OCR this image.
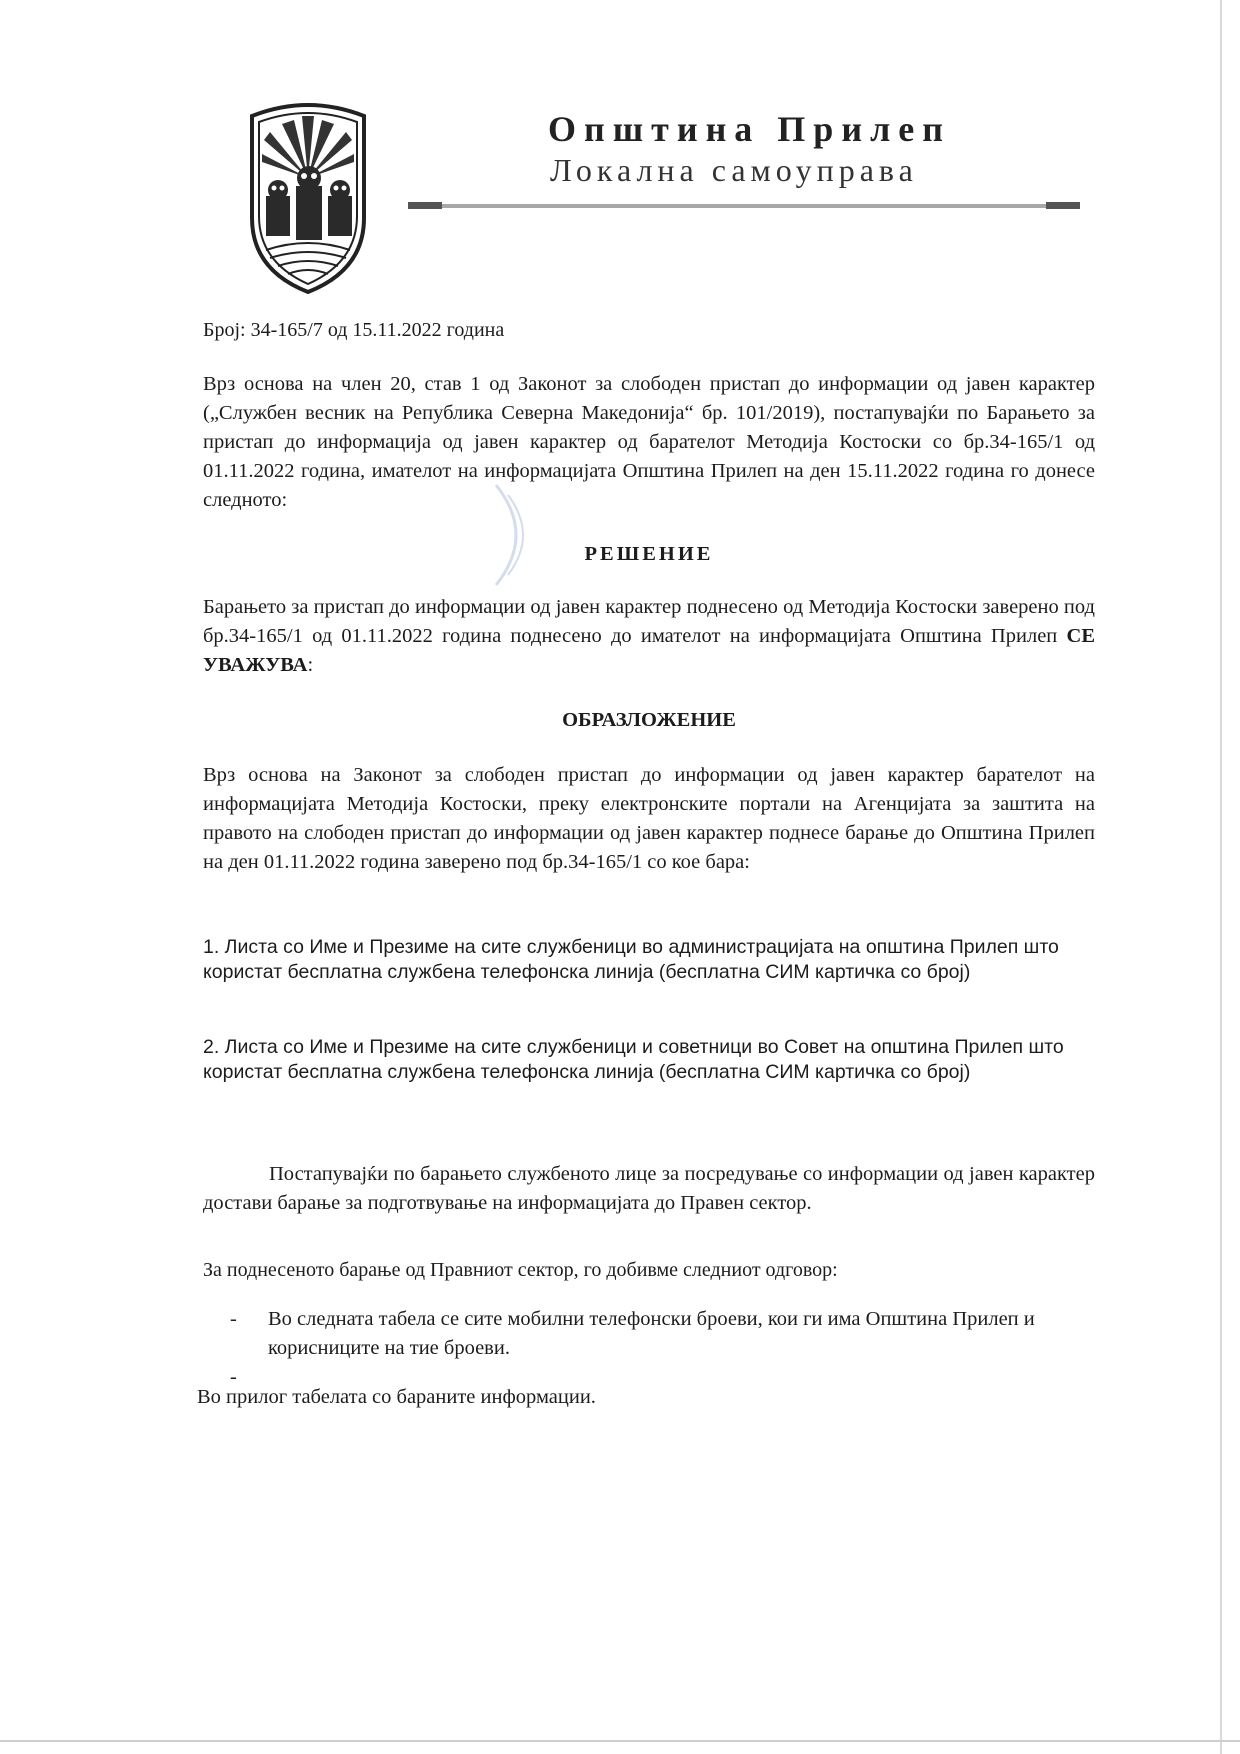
Општина Прилеп
Локална самоуправа
Број: 34-165/7 од 15.11.2022 година

Врз основа на член 20, став 1 од Законот за слободен пристап до информации од јавен карактер („Службен весник на Република Северна Македонија“ бр. 101/2019), постапувајќи по Барањето за пристап до информација од јавен карактер од барателот Методија Костоски со бр.34-165/1 од 01.11.2022 година, имателот на информацијата Општина Прилеп на ден 15.11.2022 година го донесе следното:

РЕШЕНИЕ

Барањето за пристап до информации од јавен карактер поднесено од Методија Костоски заверено под бр.34-165/1 од 01.11.2022 година поднесено до имателот на информацијата Општина Прилеп СЕ УВАЖУВА:

ОБРАЗЛОЖЕНИЕ

Врз основа на Законот за слободен пристап до информации од јавен карактер барателот на информацијата Методија Костоски, преку електронските портали на Агенцијата за заштита на правото на слободен пристап до информации од јавен карактер поднесе барање до Општина Прилеп на ден 01.11.2022 година заверено под бр.34-165/1 со кое бара:

1. Листа со Име и Презиме на сите службеници во администрацијата на општина Прилеп што користат бесплатна службена телефонска линија (бесплатна СИМ картичка со број)
2. Листа со Име и Презиме на сите службеници и советници во Совет на општина Прилеп што користат бесплатна службена телефонска линија (бесплатна СИМ картичка со број)

Постапувајќи по барањето службеното лице за посредување со информации од јавен карактер достави барање за подготвување на информацијата до Правен сектор.

За поднесеното барање од Правниот сектор, го добивме следниот одговор:
-	Во следната табела се сите мобилни телефонски броеви, кои ги има Општина Прилеп и корисниците на тие броеви.
-
Во прилог табелата со бараните информации.
